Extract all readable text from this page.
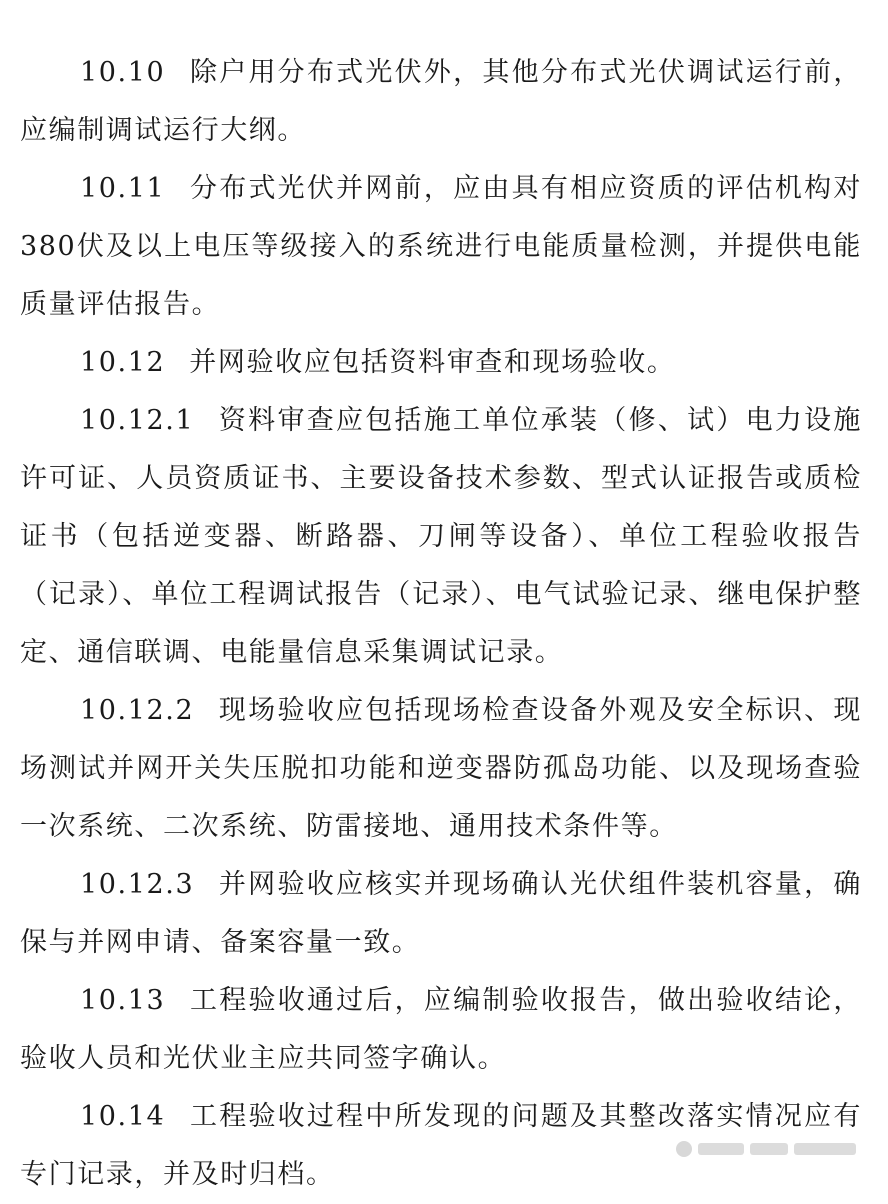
10.10 除户用分布式光伏外，其他分布式光伏调试运行前，应编制调试运行大纲。

10.11 分布式光伏并网前，应由具有相应资质的评估机构对380伏及以上电压等级接入的系统进行电能质量检测，并提供电能质量评估报告。

10.12 并网验收应包括资料审查和现场验收。

10.12.1 资料审查应包括施工单位承装（修、试）电力设施许可证、人员资质证书、主要设备技术参数、型式认证报告或质检证书（包括逆变器、断路器、刀闸等设备）、单位工程验收报告（记录）、单位工程调试报告（记录）、电气试验记录、继电保护整定、通信联调、电能量信息采集调试记录。

10.12.2 现场验收应包括现场检查设备外观及安全标识、现场测试并网开关失压脱扣功能和逆变器防孤岛功能、以及现场查验一次系统、二次系统、防雷接地、通用技术条件等。

10.12.3 并网验收应核实并现场确认光伏组件装机容量，确保与并网申请、备案容量一致。

10.13 工程验收通过后，应编制验收报告，做出验收结论，验收人员和光伏业主应共同签字确认。

10.14 工程验收过程中所发现的问题及其整改落实情况应有专门记录，并及时归档。
